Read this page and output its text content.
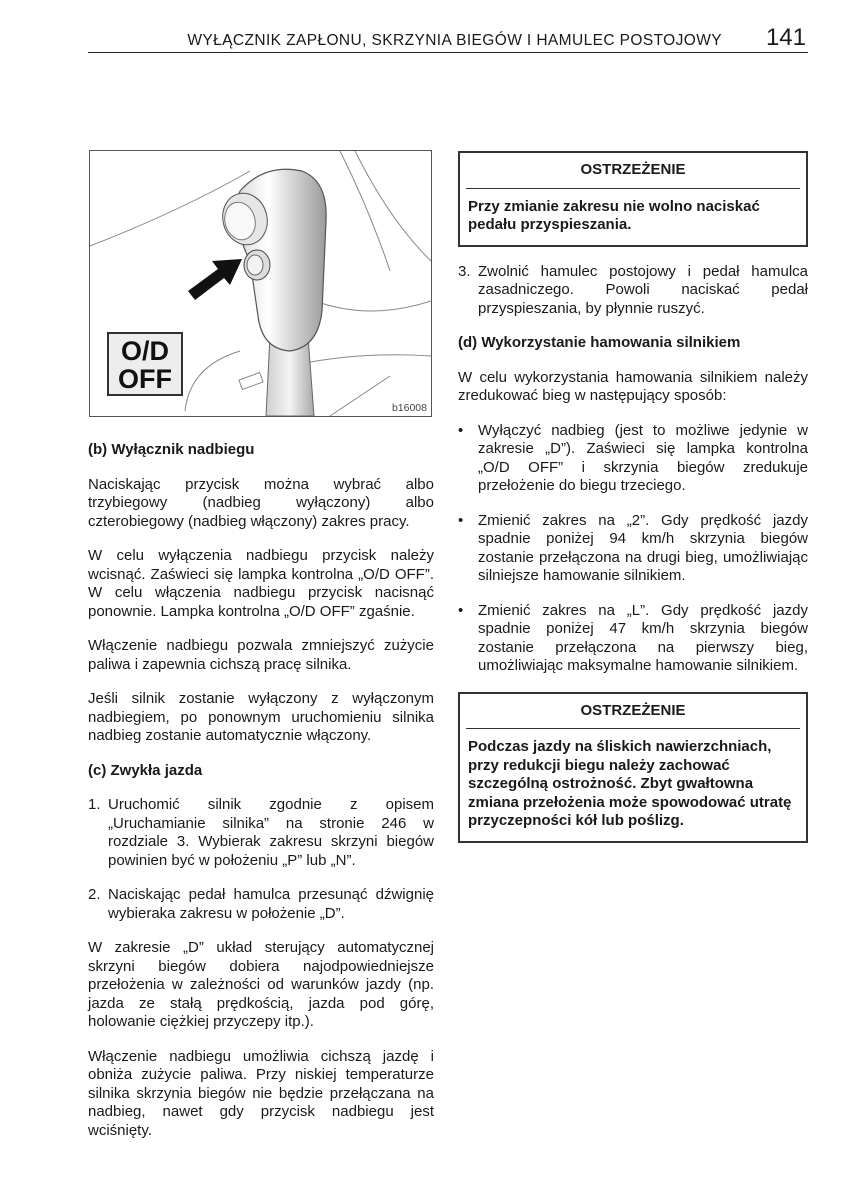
WYŁĄCZNIK ZAPŁONU, SKRZYNIA BIEGÓW I HAMULEC POSTOJOWY 141
O/D
OFF
b16008
(b) Wyłącznik nadbiegu

Naciskając przycisk można wybrać albo trzybiegowy (nadbieg wyłączony) albo czterobiegowy (nadbieg włączony) zakres pracy.

W celu wyłączenia nadbiegu przycisk należy wcisnąć. Zaświeci się lampka kontrolna „O/D OFF”. W celu włączenia nadbiegu przycisk nacisnąć ponownie. Lampka kontrolna „O/D OFF” zgaśnie.

Włączenie nadbiegu pozwala zmniejszyć zużycie paliwa i zapewnia cichszą pracę silnika.

Jeśli silnik zostanie wyłączony z wyłączonym nadbiegiem, po ponownym uruchomieniu silnika nadbieg zostanie automatycznie włączony.

(c) Zwykła jazda
1. Uruchomić silnik zgodnie z opisem „Uruchamianie silnika” na stronie 246 w rozdziale 3. Wybierak zakresu skrzyni biegów powinien być w położeniu „P” lub „N”.
2. Naciskając pedał hamulca przesunąć dźwignię wybieraka zakresu w położenie „D”.

W zakresie „D” układ sterujący automatycznej skrzyni biegów dobiera najodpowiedniejsze przełożenia w zależności od warunków jazdy (np. jazda ze stałą prędkością, jazda pod górę, holowanie ciężkiej przyczepy itp.).

Włączenie nadbiegu umożliwia cichszą jazdę i obniża zużycie paliwa. Przy niskiej temperaturze silnika skrzynia biegów nie będzie przełączana na nadbieg, nawet gdy przycisk nadbiegu jest wciśnięty.

OSTRZEŻENIE
Przy zmianie zakresu nie wolno naciskać pedału przyspieszania.
3. Zwolnić hamulec postojowy i pedał hamulca zasadniczego. Powoli naciskać pedał przyspieszania, by płynnie ruszyć.
(d) Wykorzystanie hamowania silnikiem

W celu wykorzystania hamowania silnikiem należy zredukować bieg w następujący sposób:

• Wyłączyć nadbieg (jest to możliwe jedynie w zakresie „D”). Zaświeci się lampka kontrolna „O/D OFF” i skrzynia biegów zredukuje przełożenie do biegu trzeciego.
• Zmienić zakres na „2”. Gdy prędkość jazdy spadnie poniżej 94 km/h skrzynia biegów zostanie przełączona na drugi bieg, umożliwiając silniejsze hamowanie silnikiem.
• Zmienić zakres na „L”. Gdy prędkość jazdy spadnie poniżej 47 km/h skrzynia biegów zostanie przełączona na pierwszy bieg, umożliwiając maksymalne hamowanie silnikiem.
OSTRZEŻENIE
Podczas jazdy na śliskich nawierzchniach, przy redukcji biegu należy zachować szczególną ostrożność. Zbyt gwałtowna zmiana przełożenia może spowodować utratę przyczepności kół lub poślizg.
